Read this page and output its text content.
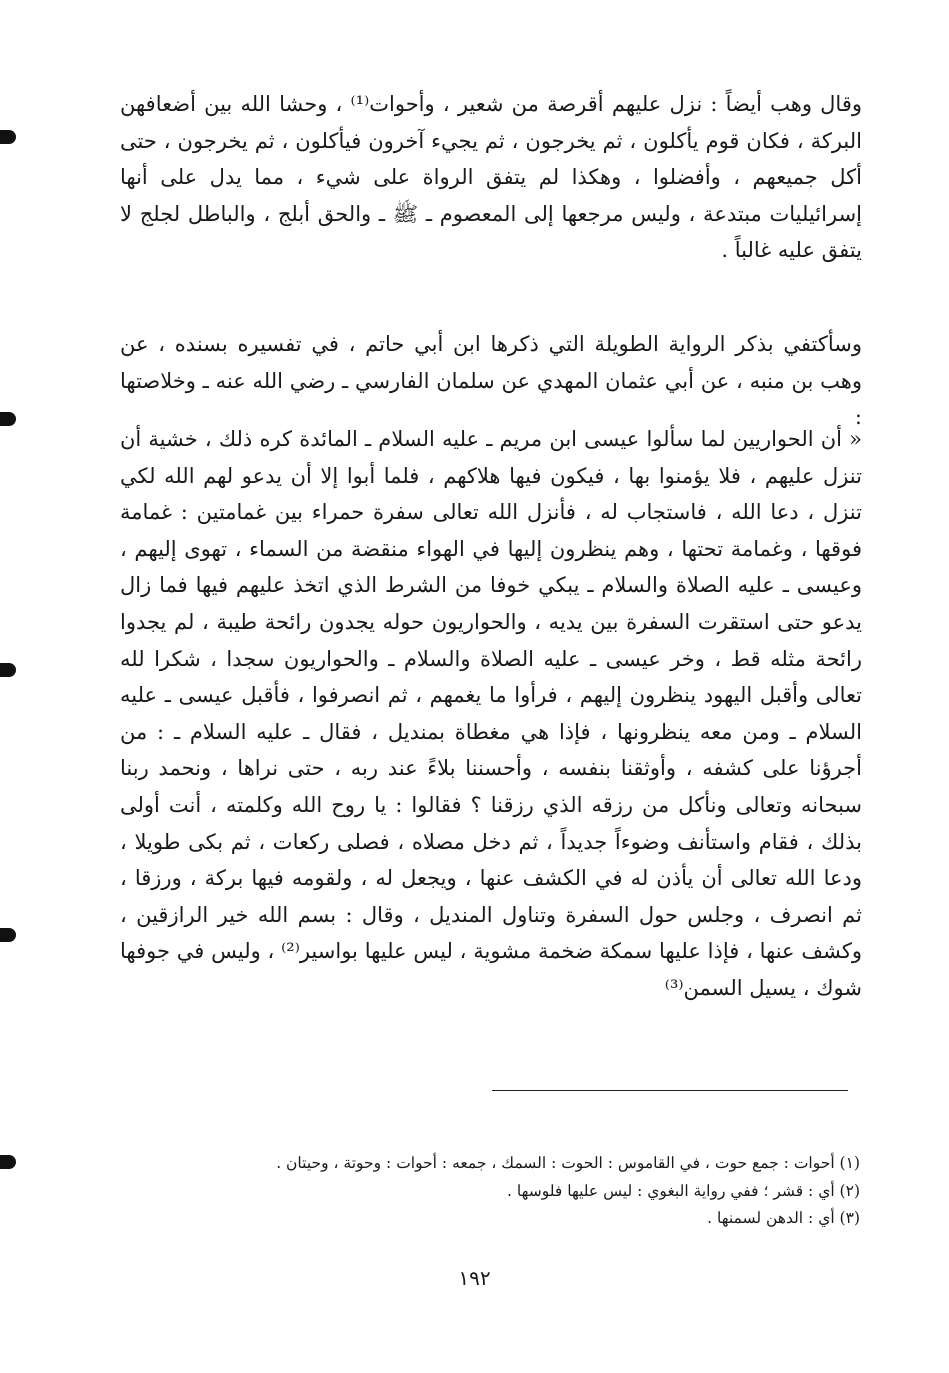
وقال وهب أيضاً : نزل عليهم أقرصة من شعير ، وأحوات⁽¹⁾ ، وحشا الله بين أضعافهن البركة ، فكان قوم يأكلون ، ثم يخرجون ، ثم يجيء آخرون فيأكلون ، ثم يخرجون ، حتى أكل جميعهم ، وأفضلوا ، وهكذا لم يتفق الرواة على شيء ، مما يدل على أنها إسرائيليات مبتدعة ، وليس مرجعها إلى المعصوم ـ ﷺ ـ والحق أبلج ، والباطل لجلج لا يتفق عليه غالباً .

وسأكتفي بذكر الرواية الطويلة التي ذكرها ابن أبي حاتم ، في تفسيره بسنده ، عن وهب بن منبه ، عن أبي عثمان المهدي عن سلمان الفارسي ـ رضي الله عنه ـ وخلاصتها :

« أن الحواريين لما سألوا عيسى ابن مريم ـ عليه السلام ـ المائدة كره ذلك ، خشية أن تنزل عليهم ، فلا يؤمنوا بها ، فيكون فيها هلاكهم ، فلما أبوا إلا أن يدعو لهم الله لكي تنزل ، دعا الله ، فاستجاب له ، فأنزل الله تعالى سفرة حمراء بين غمامتين : غمامة فوقها ، وغمامة تحتها ، وهم ينظرون إليها في الهواء منقضة من السماء ، تهوى إليهم ، وعيسى ـ عليه الصلاة والسلام ـ يبكي خوفا من الشرط الذي اتخذ عليهم فيها فما زال يدعو حتى استقرت السفرة بين يديه ، والحواريون حوله يجدون رائحة طيبة ، لم يجدوا رائحة مثله قط ، وخر عيسى ـ عليه الصلاة والسلام ـ والحواريون سجدا ، شكرا لله تعالى وأقبل اليهود ينظرون إليهم ، فرأوا ما يغمهم ، ثم انصرفوا ، فأقبل عيسى ـ عليه السلام ـ ومن معه ينظرونها ، فإذا هي مغطاة بمنديل ، فقال ـ عليه السلام ـ : من أجرؤنا على كشفه ، وأوثقنا بنفسه ، وأحسننا بلاءً عند ربه ، حتى نراها ، ونحمد ربنا سبحانه وتعالى ونأكل من رزقه الذي رزقنا ؟ فقالوا : يا روح الله وكلمته ، أنت أولى بذلك ، فقام واستأنف وضوءاً جديداً ، ثم دخل مصلاه ، فصلى ركعات ، ثم بكى طويلا ، ودعا الله تعالى أن يأذن له في الكشف عنها ، ويجعل له ، ولقومه فيها بركة ، ورزقا ، ثم انصرف ، وجلس حول السفرة وتناول المنديل ، وقال : بسم الله خير الرازقين ، وكشف عنها ، فإذا عليها سمكة ضخمة مشوية ، ليس عليها بواسير⁽²⁾ ، وليس في جوفها شوك ، يسيل السمن⁽³⁾

(١) أحوات : جمع حوت ، في القاموس : الحوت : السمك ، جمعه : أحوات : وحوتة ، وحيتان .

(٢) أي : قشر ؛ ففي رواية البغوي : ليس عليها فلوسها .

(٣) أي : الدهن لسمنها .

١٩٢
